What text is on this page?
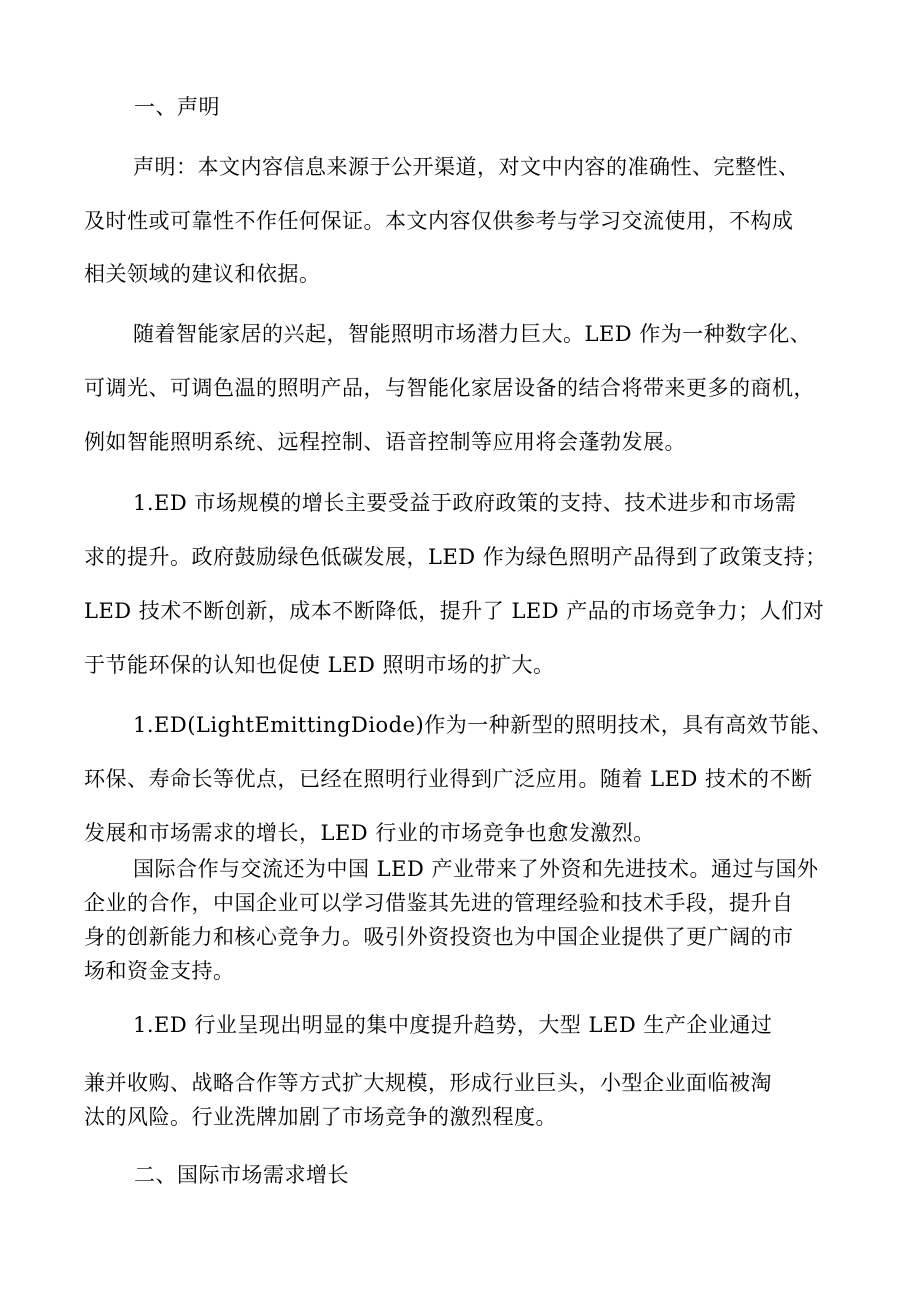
一、声明
声明：本文内容信息来源于公开渠道，对文中内容的准确性、完整性、
及时性或可靠性不作任何保证。本文内容仅供参考与学习交流使用，不构成
相关领域的建议和依据。
随着智能家居的兴起，智能照明市场潜力巨大。LED 作为一种数字化、
可调光、可调色温的照明产品，与智能化家居设备的结合将带来更多的商机，
例如智能照明系统、远程控制、语音控制等应用将会蓬勃发展。
1.ED 市场规模的增长主要受益于政府政策的支持、技术进步和市场需
求的提升。政府鼓励绿色低碳发展，LED 作为绿色照明产品得到了政策支持；
LED 技术不断创新，成本不断降低，提升了 LED 产品的市场竞争力；人们对
于节能环保的认知也促使 LED 照明市场的扩大。
1.ED(LightEmittingDiode)作为一种新型的照明技术，具有高效节能、
环保、寿命长等优点，已经在照明行业得到广泛应用。随着 LED 技术的不断
发展和市场需求的增长，LED 行业的市场竞争也愈发激烈。
国际合作与交流还为中国 LED 产业带来了外资和先进技术。通过与国外
企业的合作，中国企业可以学习借鉴其先进的管理经验和技术手段，提升自
身的创新能力和核心竞争力。吸引外资投资也为中国企业提供了更广阔的市
场和资金支持。
1.ED 行业呈现出明显的集中度提升趋势，大型 LED 生产企业通过
兼并收购、战略合作等方式扩大规模，形成行业巨头，小型企业面临被淘
汰的风险。行业洗牌加剧了市场竞争的激烈程度。
二、国际市场需求增长
